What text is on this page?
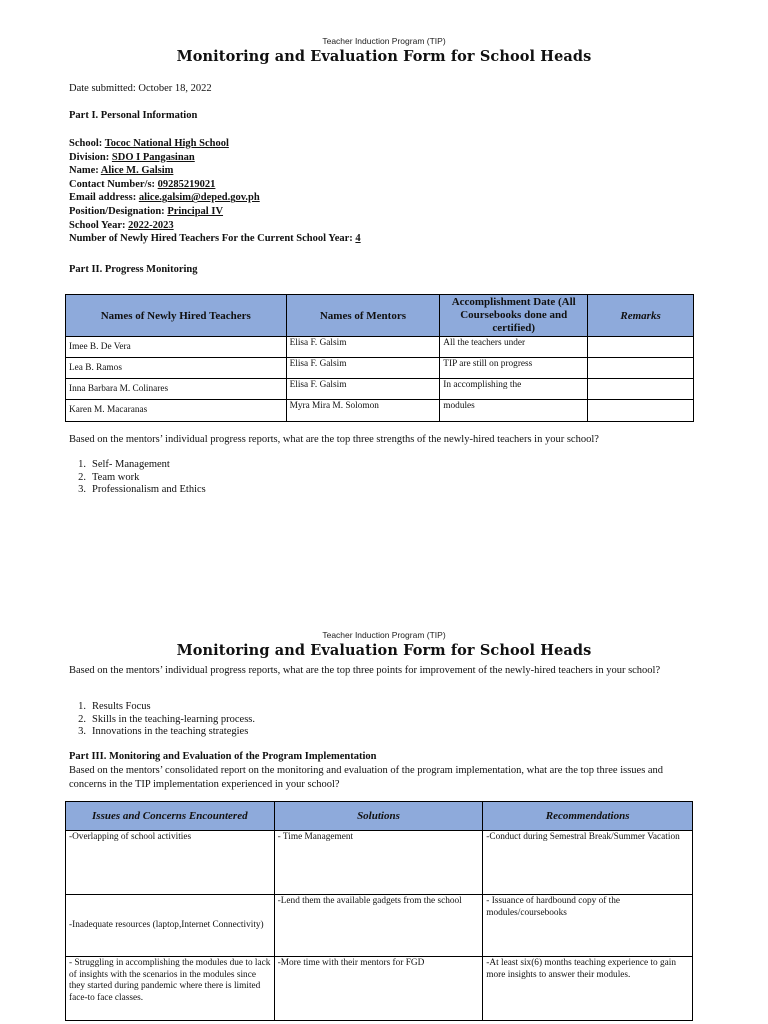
Teacher Induction Program (TIP)
Monitoring and Evaluation Form for School Heads
Date submitted: October 18, 2022
Part I. Personal Information
School: Tococ National High School
Division: SDO I Pangasinan
Name: Alice M. Galsim
Contact Number/s: 09285219021
Email address: alice.galsim@deped.gov.ph
Position/Designation: Principal IV
School Year: 2022-2023
Number of Newly Hired Teachers For the Current School Year: 4
Part II. Progress Monitoring
Names of Newly Hired Teachers	Names of Mentors	Accomplishment Date (All Coursebooks done and certified)	Remarks
Imee B. De Vera	Elisa F. Galsim	All the teachers under	
Lea B. Ramos	Elisa F. Galsim	TIP are still on progress	
Inna Barbara M. Colinares	Elisa F. Galsim	In accomplishing the	
Karen M. Macaranas	Myra Mira M. Solomon	modules	
Based on the mentors’ individual progress reports, what are the top three strengths of the newly-hired teachers in your school?
1. Self- Management
2. Team work
3. Professionalism and Ethics
Teacher Induction Program (TIP)
Monitoring and Evaluation Form for School Heads
Based on the mentors’ individual progress reports, what are the top three points for improvement of the newly-hired teachers in your school?
1. Results Focus
2. Skills in the teaching-learning process.
3. Innovations in the teaching strategies
Part III. Monitoring and Evaluation of the Program Implementation
Based on the mentors’ consolidated report on the monitoring and evaluation of the program implementation, what are the top three issues and concerns in the TIP implementation experienced in your school?
Issues and Concerns Encountered	Solutions	Recommendations
-Overlapping of school activities	- Time Management	-Conduct during Semestral Break/Summer Vacation
-Inadequate resources (laptop,Internet Connectivity)	-Lend them the available gadgets from the school	- Issuance of hardbound copy of the modules/coursebooks
- Struggling in accomplishing the modules due to lack of insights with the scenarios in the modules since they started during pandemic where there is limited face-to face classes.	-More time with their mentors for FGD	-At least six(6) months teaching experience to gain more insights to answer their modules.
